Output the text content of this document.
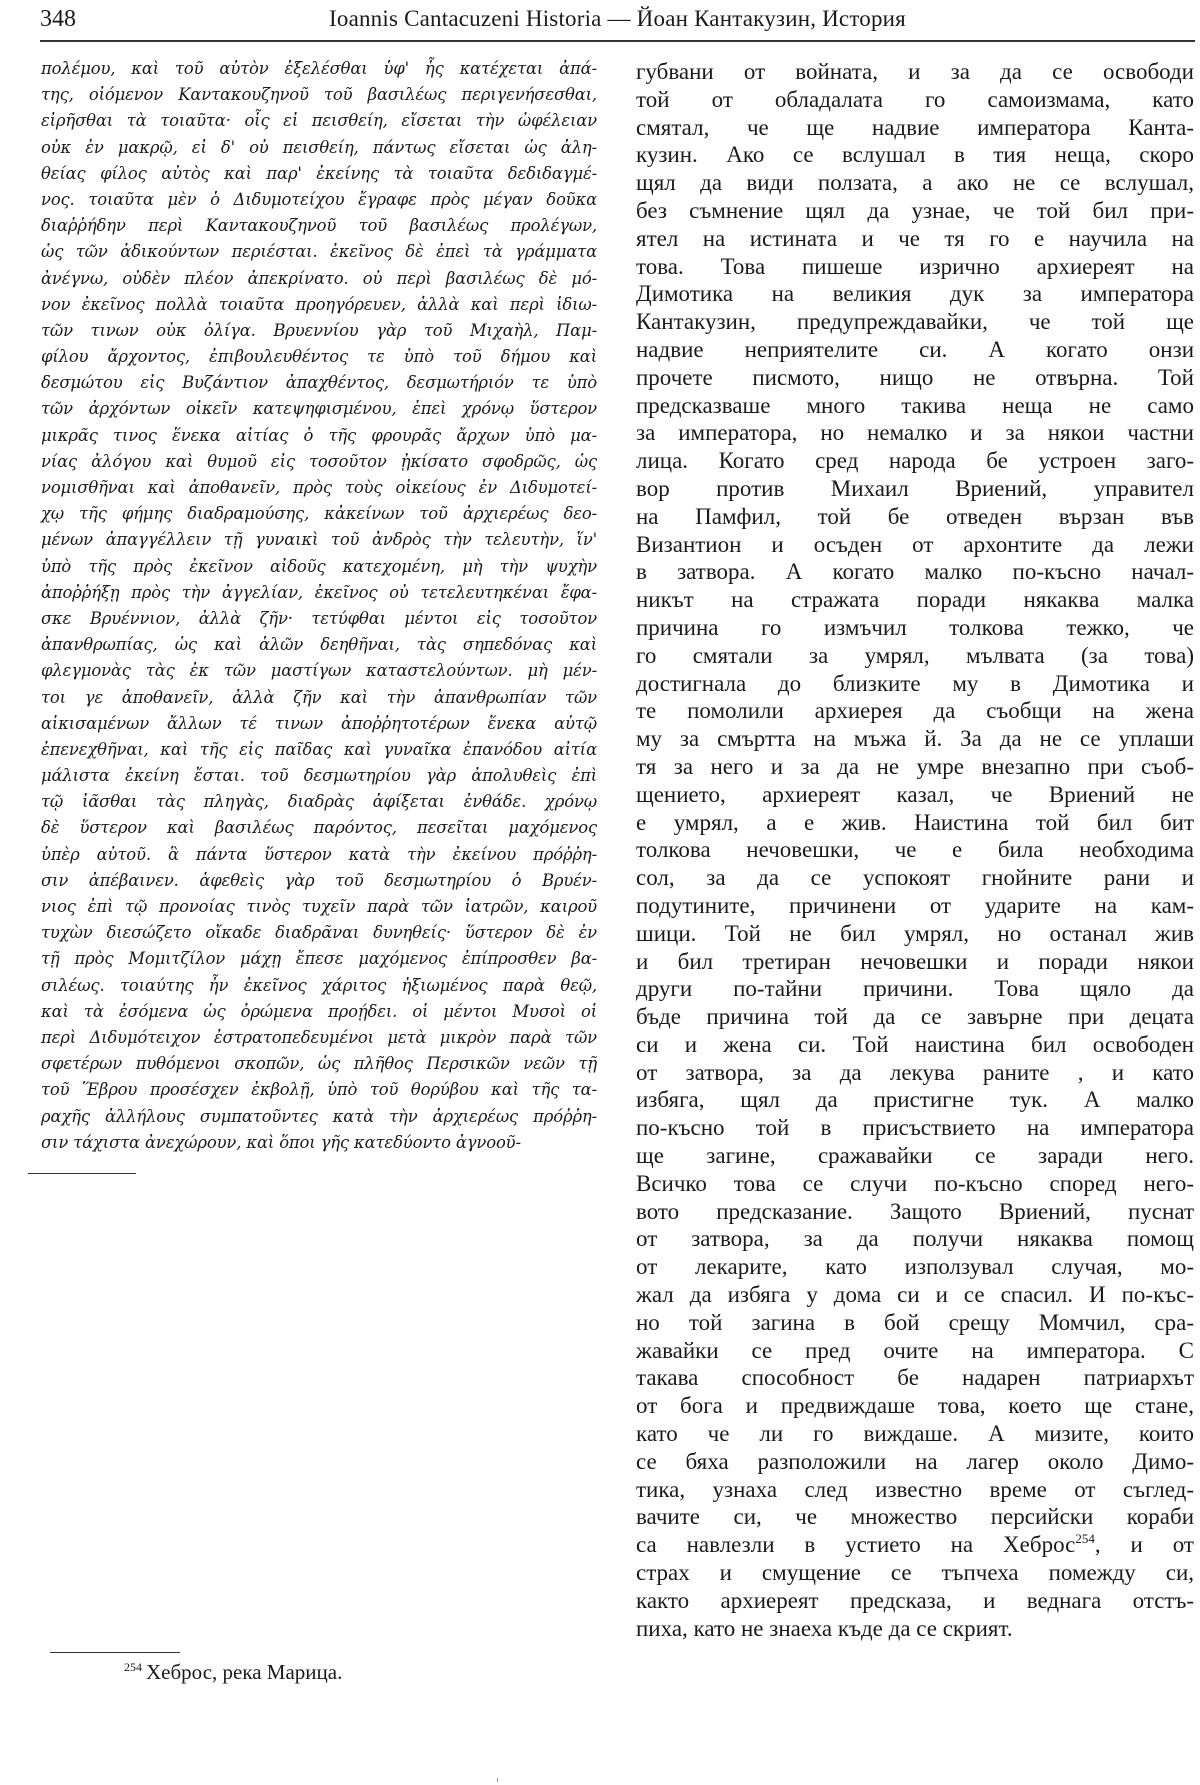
348	Ioannis Cantacuzeni Historia — Йоан Кантакузин, История
πολέμου, καὶ τοῦ αὐτὸν ἐξελέσθαι ὑφ' ἧς κατέχεται ἀπά-
της, οἰόμενον Καντακουζηνοῦ τοῦ βασιλέως περιγενήσεσθαι,
εἰρῆσθαι τὰ τοιαῦτα· οἷς εἰ πεισθείη, εἴσεται τὴν ὠφέλειαν
οὐκ ἐν μακρῷ, εἰ δ' οὐ πεισθείη, πάντως εἴσεται ὡς ἀλη-
θείας φίλος αὐτὸς καὶ παρ' ἐκείνης τὰ τοιαῦτα δεδιδαγμέ-
νος. τοιαῦτα μὲν ὁ Διδυμοτείχου ἔγραφε πρὸς μέγαν δοῦκα
διαῤῥήδην περὶ Καντακουζηνοῦ τοῦ βασιλέως προλέγων,
ὡς τῶν ἀδικούντων περιέσται. ἐκεῖνος δὲ ἐπεὶ τὰ γράμματα
ἀνέγνω, οὐδὲν πλέον ἀπεκρίνατο. οὐ περὶ βασιλέως δὲ μό-
νον ἐκεῖνος πολλὰ τοιαῦτα προηγόρευεν, ἀλλὰ καὶ περὶ ἰδιω-
τῶν τινων οὐκ ὀλίγα. Βρυεννίου γὰρ τοῦ Μιχαὴλ, Παμ-
φίλου ἄρχοντος, ἐπιβουλευθέντος τε ὑπὸ τοῦ δήμου καὶ
δεσμώτου εἰς Βυζάντιον ἀπαχθέντος, δεσμωτήριόν τε ὑπὸ
τῶν ἀρχόντων οἰκεῖν κατεψηφισμένου, ἐπεὶ χρόνῳ ὕστερον
μικρᾶς τινος ἕνεκα αἰτίας ὁ τῆς φρουρᾶς ἄρχων ὑπὸ μα-
νίας ἀλόγου καὶ θυμοῦ εἰς τοσοῦτον ᾐκίσατο σφοδρῶς, ὡς
νομισθῆναι καὶ ἀποθανεῖν, πρὸς τοὺς οἰκείους ἐν Διδυμοτεί-
χῳ τῆς φήμης διαδραμούσης, κἀκείνων τοῦ ἀρχιερέως δεο-
μένων ἀπαγγέλλειν τῇ γυναικὶ τοῦ ἀνδρὸς τὴν τελευτὴν, ἵν'
ὑπὸ τῆς πρὸς ἐκεῖνον αἰδοῦς κατεχομένη, μὴ τὴν ψυχὴν
ἀποῤῥήξῃ πρὸς τὴν ἀγγελίαν, ἐκεῖνος οὐ τετελευτηκέναι ἔφα-
σκε Βρυέννιον, ἀλλὰ ζῆν· τετύφθαι μέντοι εἰς τοσοῦτον
ἀπανθρωπίας, ὡς καὶ ἁλῶν δεηθῆναι, τὰς σηπεδόνας καὶ
φλεγμονὰς τὰς ἐκ τῶν μαστίγων καταστελούντων. μὴ μέν-
τοι γε ἀποθανεῖν, ἀλλὰ ζῆν καὶ τὴν ἀπανθρωπίαν τῶν
αἰκισαμένων ἄλλων τέ τινων ἀποῤῥητοτέρων ἕνεκα αὐτῷ
ἐπενεχθῆναι, καὶ τῆς εἰς παῖδας καὶ γυναῖκα ἐπανόδου αἰτία
μάλιστα ἐκείνη ἔσται. τοῦ δεσμωτηρίου γὰρ ἀπολυθεὶς ἐπὶ
τῷ ἰᾶσθαι τὰς πληγὰς, διαδρὰς ἀφίξεται ἐνθάδε. χρόνῳ
δὲ ὕστερον καὶ βασιλέως παρόντος, πεσεῖται μαχόμενος
ὑπὲρ αὐτοῦ. ἃ πάντα ὕστερον κατὰ τὴν ἐκείνου πρόῤῥη-
σιν ἀπέβαινεν. ἀφεθεὶς γὰρ τοῦ δεσμωτηρίου ὁ Βρυέν-
νιος ἐπὶ τῷ προνοίας τινὸς τυχεῖν παρὰ τῶν ἰατρῶν, καιροῦ
τυχὼν διεσώζετο οἴκαδε διαδρᾶναι δυνηθείς· ὕστερον δὲ ἐν
τῇ πρὸς Μομιτζίλον μάχῃ ἔπεσε μαχόμενος ἐπίπροσθεν βα-
σιλέως. τοιαύτης ἦν ἐκεῖνος χάριτος ἠξιωμένος παρὰ θεῷ,
καὶ τὰ ἐσόμενα ὡς ὁρώμενα προῄδει. οἱ μέντοι Μυσοὶ οἱ
περὶ Διδυμότειχον ἐστρατοπεδευμένοι μετὰ μικρὸν παρὰ τῶν
σφετέρων πυθόμενοι σκοπῶν, ὡς πλῆθος Περσικῶν νεῶν τῇ
τοῦ Ἕβρου προσέσχεν ἐκβολῇ, ὑπὸ τοῦ θορύβου καὶ τῆς τα-
ραχῆς ἀλλήλους συμπατοῦντες κατὰ τὴν ἀρχιερέως πρόῤῥη-
σιν τάχιστα ἀνεχώρουν, καὶ ὅποι γῆς κατεδύοντο ἀγνοοῦ-
губвани от войната, и за да се освободи
той от обладалата го самоизмама, като
смятал, че ще надвие императора Канта-
кузин. Ако се вслушал в тия неща, скоро
щял да види ползата, а ако не се вслушал,
без съмнение щял да узнае, че той бил при-
ятел на истината и че тя го е научила на
това. Това пишеше изрично архиереят на
Димотика на великия дук за императора
Кантакузин, предупреждавайки, че той ще
надвие неприятелите си. А когато онзи
прочете писмото, нищо не отвърна. Той
предсказваше много такива неща не само
за императора, но немалко и за някои частни
лица. Когато сред народа бе устроен заго-
вор против Михаил Вриений, управител
на Памфил, той бе отведен вързан във
Византион и осъден от архонтите да лежи
в затвора. А когато малко по-късно начал-
никът на стражата поради някаква малка
причина го измъчил толкова тежко, че
го смятали за умрял, мълвата (за това)
достигнала до близките му в Димотика и
те помолили архиерея да съобщи на жена
му за смъртта на мъжа й. За да не се уплаши
тя за него и за да не умре внезапно при съоб-
щението, архиереят казал, че Вриений не
е умрял, а е жив. Наистина той бил бит
толкова нечовешки, че е била необходима
сол, за да се успокоят гнойните рани и
подутините, причинени от ударите на кам-
шици. Той не бил умрял, но останал жив
и бил третиран нечовешки и поради някои
други по-тайни причини. Това щяло да
бъде причина той да се завърне при децата
си и жена си. Той наистина бил освободен
от затвора, за да лекува раните , и като
избяга, щял да пристигне тук. А малко
по-късно той в присъствието на императора
ще загине, сражавайки се заради него.
Всичко това се случи по-късно според него-
вото предсказание. Защото Вриений, пуснат
от затвора, за да получи някаква помощ
от лекарите, като използувал случая, мо-
жал да избяга у дома си и се спасил. И по-къс-
но той загина в бой срещу Момчил, сра-
жавайки се пред очите на императора. С
такава способност бе надарен патриархът
от бога и предвиждаше това, което ще стане,
като че ли го виждаше. А мизите, които
се бяха разположили на лагер около Димо-
тика, узнаха след известно време от съглед-
вачите си, че множество персийски кораби
са навлезли в устието на Хеброс$^{254}$, и от
страх и смущение се тъпчеха помежду си,
както архиереят предсказа, и веднага отстъ-
пиха, като не знаеха къде да се скрият.
$^{254}$ Хеброс, река Марица.
